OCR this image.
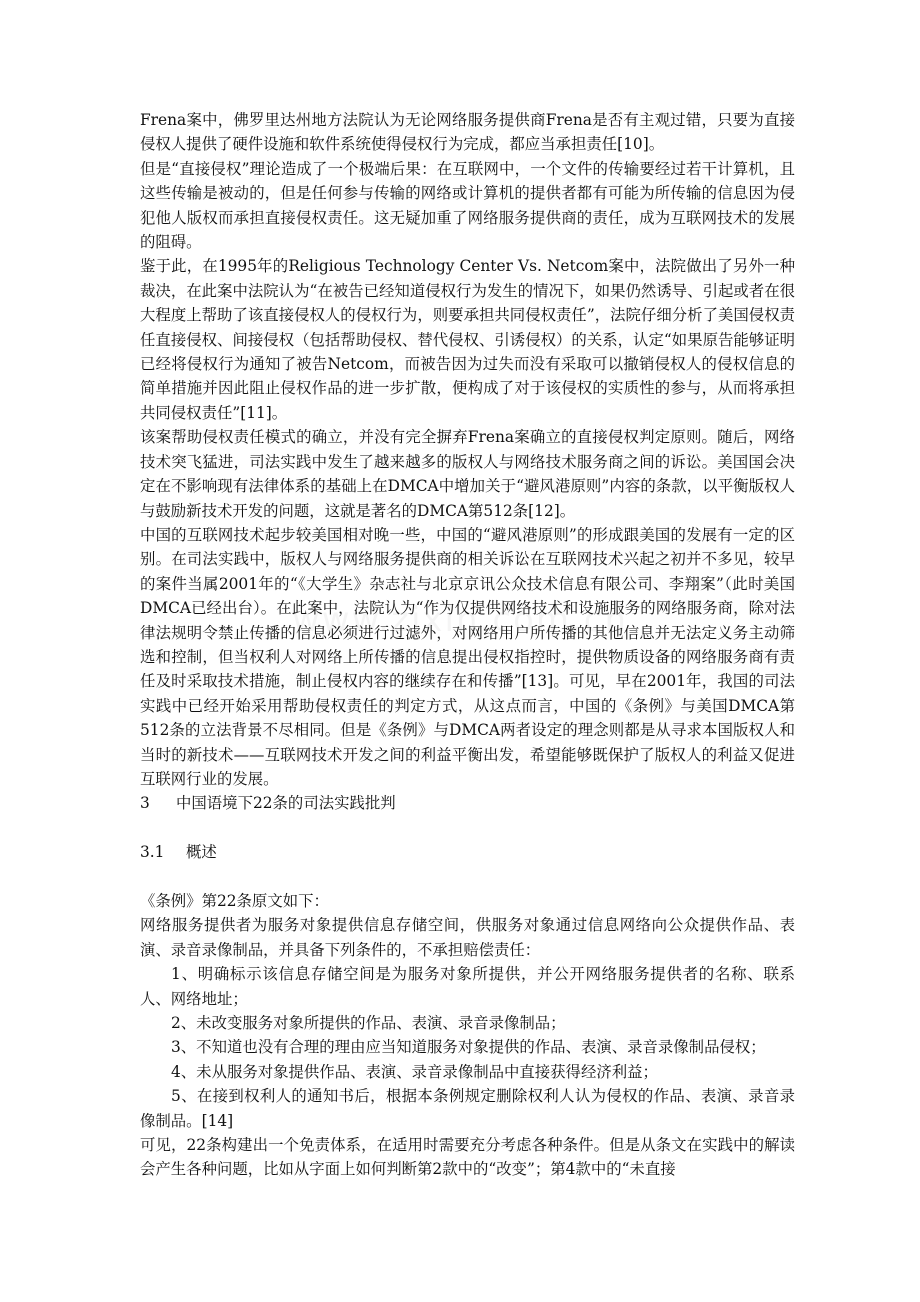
Frena案中，佛罗里达州地方法院认为无论网络服务提供商Frena是否有主观过错，只要为直接侵权人提供了硬件设施和软件系统使得侵权行为完成，都应当承担责任[10]。

但是“直接侵权”理论造成了一个极端后果：在互联网中，一个文件的传输要经过若干计算机，且这些传输是被动的，但是任何参与传输的网络或计算机的提供者都有可能为所传输的信息因为侵犯他人版权而承担直接侵权责任。这无疑加重了网络服务提供商的责任，成为互联网技术的发展的阻碍。

鉴于此，在1995年的Religious Technology Center Vs. Netcom案中，法院做出了另外一种裁决，在此案中法院认为“在被告已经知道侵权行为发生的情况下，如果仍然诱导、引起或者在很大程度上帮助了该直接侵权人的侵权行为，则要承担共同侵权责任”，法院仔细分析了美国侵权责任直接侵权、间接侵权（包括帮助侵权、替代侵权、引诱侵权）的关系，认定“如果原告能够证明已经将侵权行为通知了被告Netcom，而被告因为过失而没有采取可以撤销侵权人的侵权信息的简单措施并因此阻止侵权作品的进一步扩散，便构成了对于该侵权的实质性的参与，从而将承担共同侵权责任”[11]。

该案帮助侵权责任模式的确立，并没有完全摒弃Frena案确立的直接侵权判定原则。随后，网络技术突飞猛进，司法实践中发生了越来越多的版权人与网络技术服务商之间的诉讼。美国国会决定在不影响现有法律体系的基础上在DMCA中增加关于“避风港原则”内容的条款，以平衡版权人与鼓励新技术开发的问题，这就是著名的DMCA第512条[12]。

中国的互联网技术起步较美国相对晚一些，中国的“避风港原则”的形成跟美国的发展有一定的区别。在司法实践中，版权人与网络服务提供商的相关诉讼在互联网技术兴起之初并不多见，较早的案件当属2001年的“《大学生》杂志社与北京京讯公众技术信息有限公司、李翔案”（此时美国DMCA已经出台）。在此案中，法院认为“作为仅提供网络技术和设施服务的网络服务商，除对法律法规明令禁止传播的信息必须进行过滤外，对网络用户所传播的其他信息并无法定义务主动筛选和控制，但当权利人对网络上所传播的信息提出侵权指控时，提供物质设备的网络服务商有责任及时采取技术措施，制止侵权内容的继续存在和传播”[13]。可见，早在2001年，我国的司法实践中已经开始采用帮助侵权责任的判定方式，从这点而言，中国的《条例》与美国DMCA第512条的立法背景不尽相同。但是《条例》与DMCA两者设定的理念则都是从寻求本国版权人和当时的新技术——互联网技术开发之间的利益平衡出发，希望能够既保护了版权人的利益又促进互联网行业的发展。

3 中国语境下22条的司法实践批判

3.1 概述

《条例》第22条原文如下：

网络服务提供者为服务对象提供信息存储空间，供服务对象通过信息网络向公众提供作品、表演、录音录像制品，并具备下列条件的，不承担赔偿责任：

1、明确标示该信息存储空间是为服务对象所提供，并公开网络服务提供者的名称、联系人、网络地址；

2、未改变服务对象所提供的作品、表演、录音录像制品；

3、不知道也没有合理的理由应当知道服务对象提供的作品、表演、录音录像制品侵权；

4、未从服务对象提供作品、表演、录音录像制品中直接获得经济利益；

5、在接到权利人的通知书后，根据本条例规定删除权利人认为侵权的作品、表演、录音录像制品。[14]

可见，22条构建出一个免责体系，在适用时需要充分考虑各种条件。但是从条文在实践中的解读会产生各种问题，比如从字面上如何判断第2款中的“改变”；第4款中的“未直接
